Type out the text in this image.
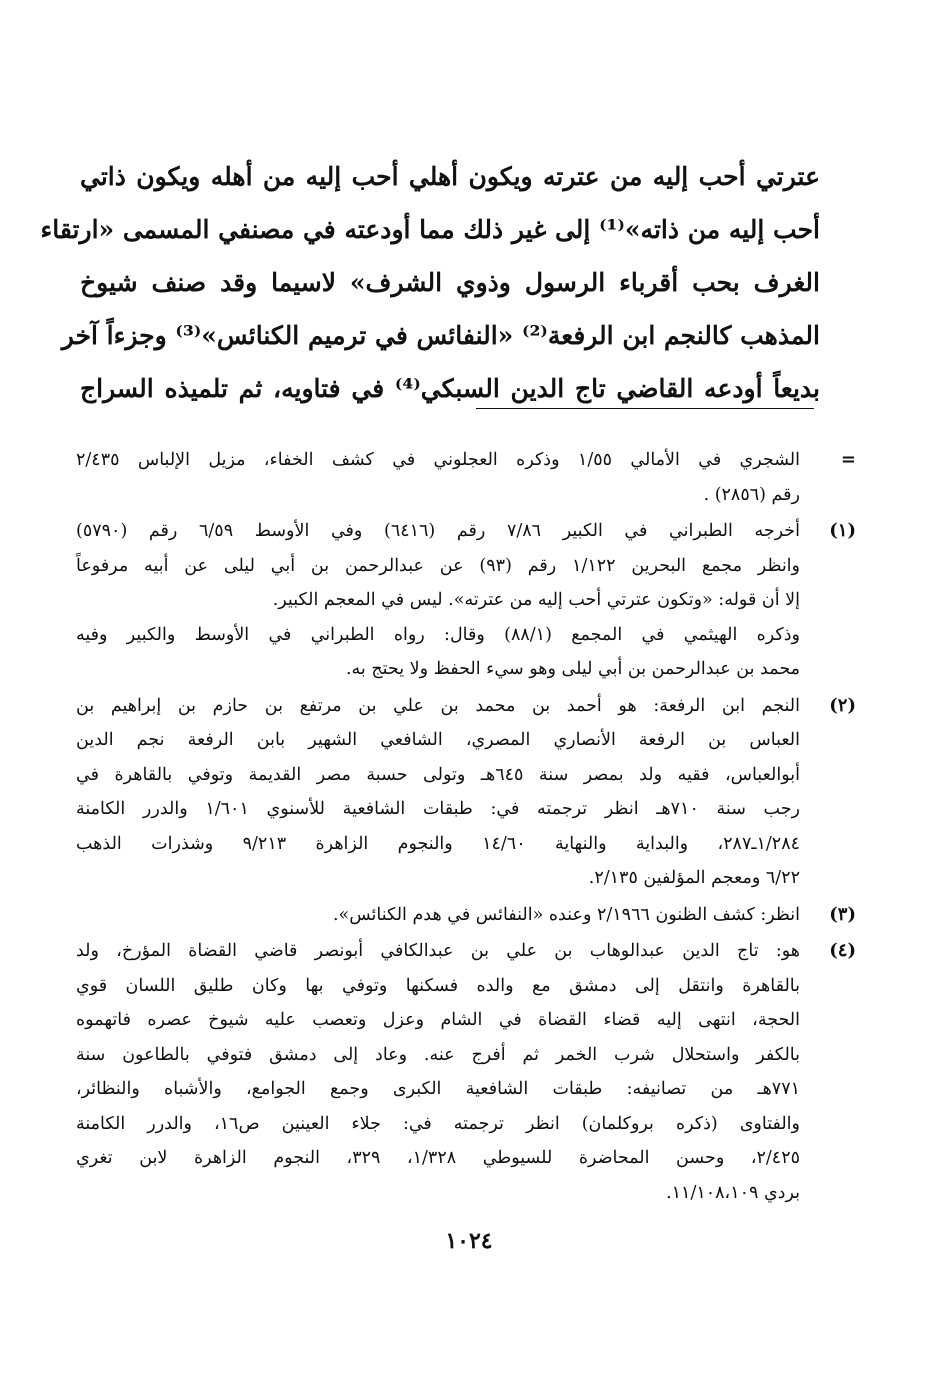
عترتي أحب إليه من عترته ويكون أهلي أحب إليه من أهله ويكون ذاتي
أحب إليه من ذاته»⁽¹⁾ إلى غير ذلك مما أودعته في مصنفي المسمى «ارتقاء
الغرف بحب أقرباء الرسول وذوي الشرف» لاسيما وقد صنف شيوخ
المذهب كالنجم ابن الرفعة⁽²⁾ «النفائس في ترميم الكنائس»⁽³⁾ وجزءاً آخر
بديعاً أودعه القاضي تاج الدين السبكي⁽⁴⁾ في فتاويه، ثم تلميذه السراج
=
الشجري في الأمالي ١/٥٥ وذكره العجلوني في كشف الخفاء، مزيل الإلباس ٢/٤٣٥
رقم (٢٨٥٦) .
(١)
أخرجه الطبراني في الكبير ٧/٨٦ رقم (٦٤١٦) وفي الأوسط ٦/٥٩ رقم (٥٧٩٠)
وانظر مجمع البحرين ١/١٢٢ رقم (٩٣) عن عبدالرحمن بن أبي ليلى عن أبيه مرفوعاً
إلا أن قوله: «وتكون عترتي أحب إليه من عترته». ليس في المعجم الكبير.
وذكره الهيثمي في المجمع (٨٨/١) وقال: رواه الطبراني في الأوسط والكبير وفيه
محمد بن عبدالرحمن بن أبي ليلى وهو سيء الحفظ ولا يحتج به.
(٢)
النجم ابن الرفعة: هو أحمد بن محمد بن علي بن مرتفع بن حازم بن إبراهيم بن
العباس بن الرفعة الأنصاري المصري، الشافعي الشهير بابن الرفعة نجم الدين
أبوالعباس، فقيه ولد بمصر سنة ٦٤٥هـ وتولى حسبة مصر القديمة وتوفي بالقاهرة في
رجب سنة ٧١٠هـ انظر ترجمته في: طبقات الشافعية للأسنوي ١/٦٠١ والدرر الكامنة
١/٢٨٤ـ٢٨٧، والبداية والنهاية ١٤/٦٠ والنجوم الزاهرة ٩/٢١٣ وشذرات الذهب
٦/٢٢ ومعجم المؤلفين ٢/١٣٥.
(٣)
انظر: كشف الظنون ٢/١٩٦٦ وعنده «النفائس في هدم الكنائس».
(٤)
هو: تاج الدين عبدالوهاب بن علي بن عبدالكافي أبونصر قاضي القضاة المؤرخ، ولد
بالقاهرة وانتقل إلى دمشق مع والده فسكنها وتوفي بها وكان طليق اللسان قوي
الحجة، انتهى إليه قضاء القضاة في الشام وعزل وتعصب عليه شيوخ عصره فاتهموه
بالكفر واستحلال شرب الخمر ثم أفرج عنه. وعاد إلى دمشق فتوفي بالطاعون سنة
٧٧١هـ من تصانيفه: طبقات الشافعية الكبرى وجمع الجوامع، والأشباه والنظائر،
والفتاوى (ذكره بروكلمان) انظر ترجمته في: جلاء العينين ص١٦، والدرر الكامنة
٢/٤٢٥، وحسن المحاضرة للسيوطي ١/٣٢٨، ٣٢٩، النجوم الزاهرة لابن تغري
بردي ١١/١٠٨،١٠٩.
١٠٢٤
